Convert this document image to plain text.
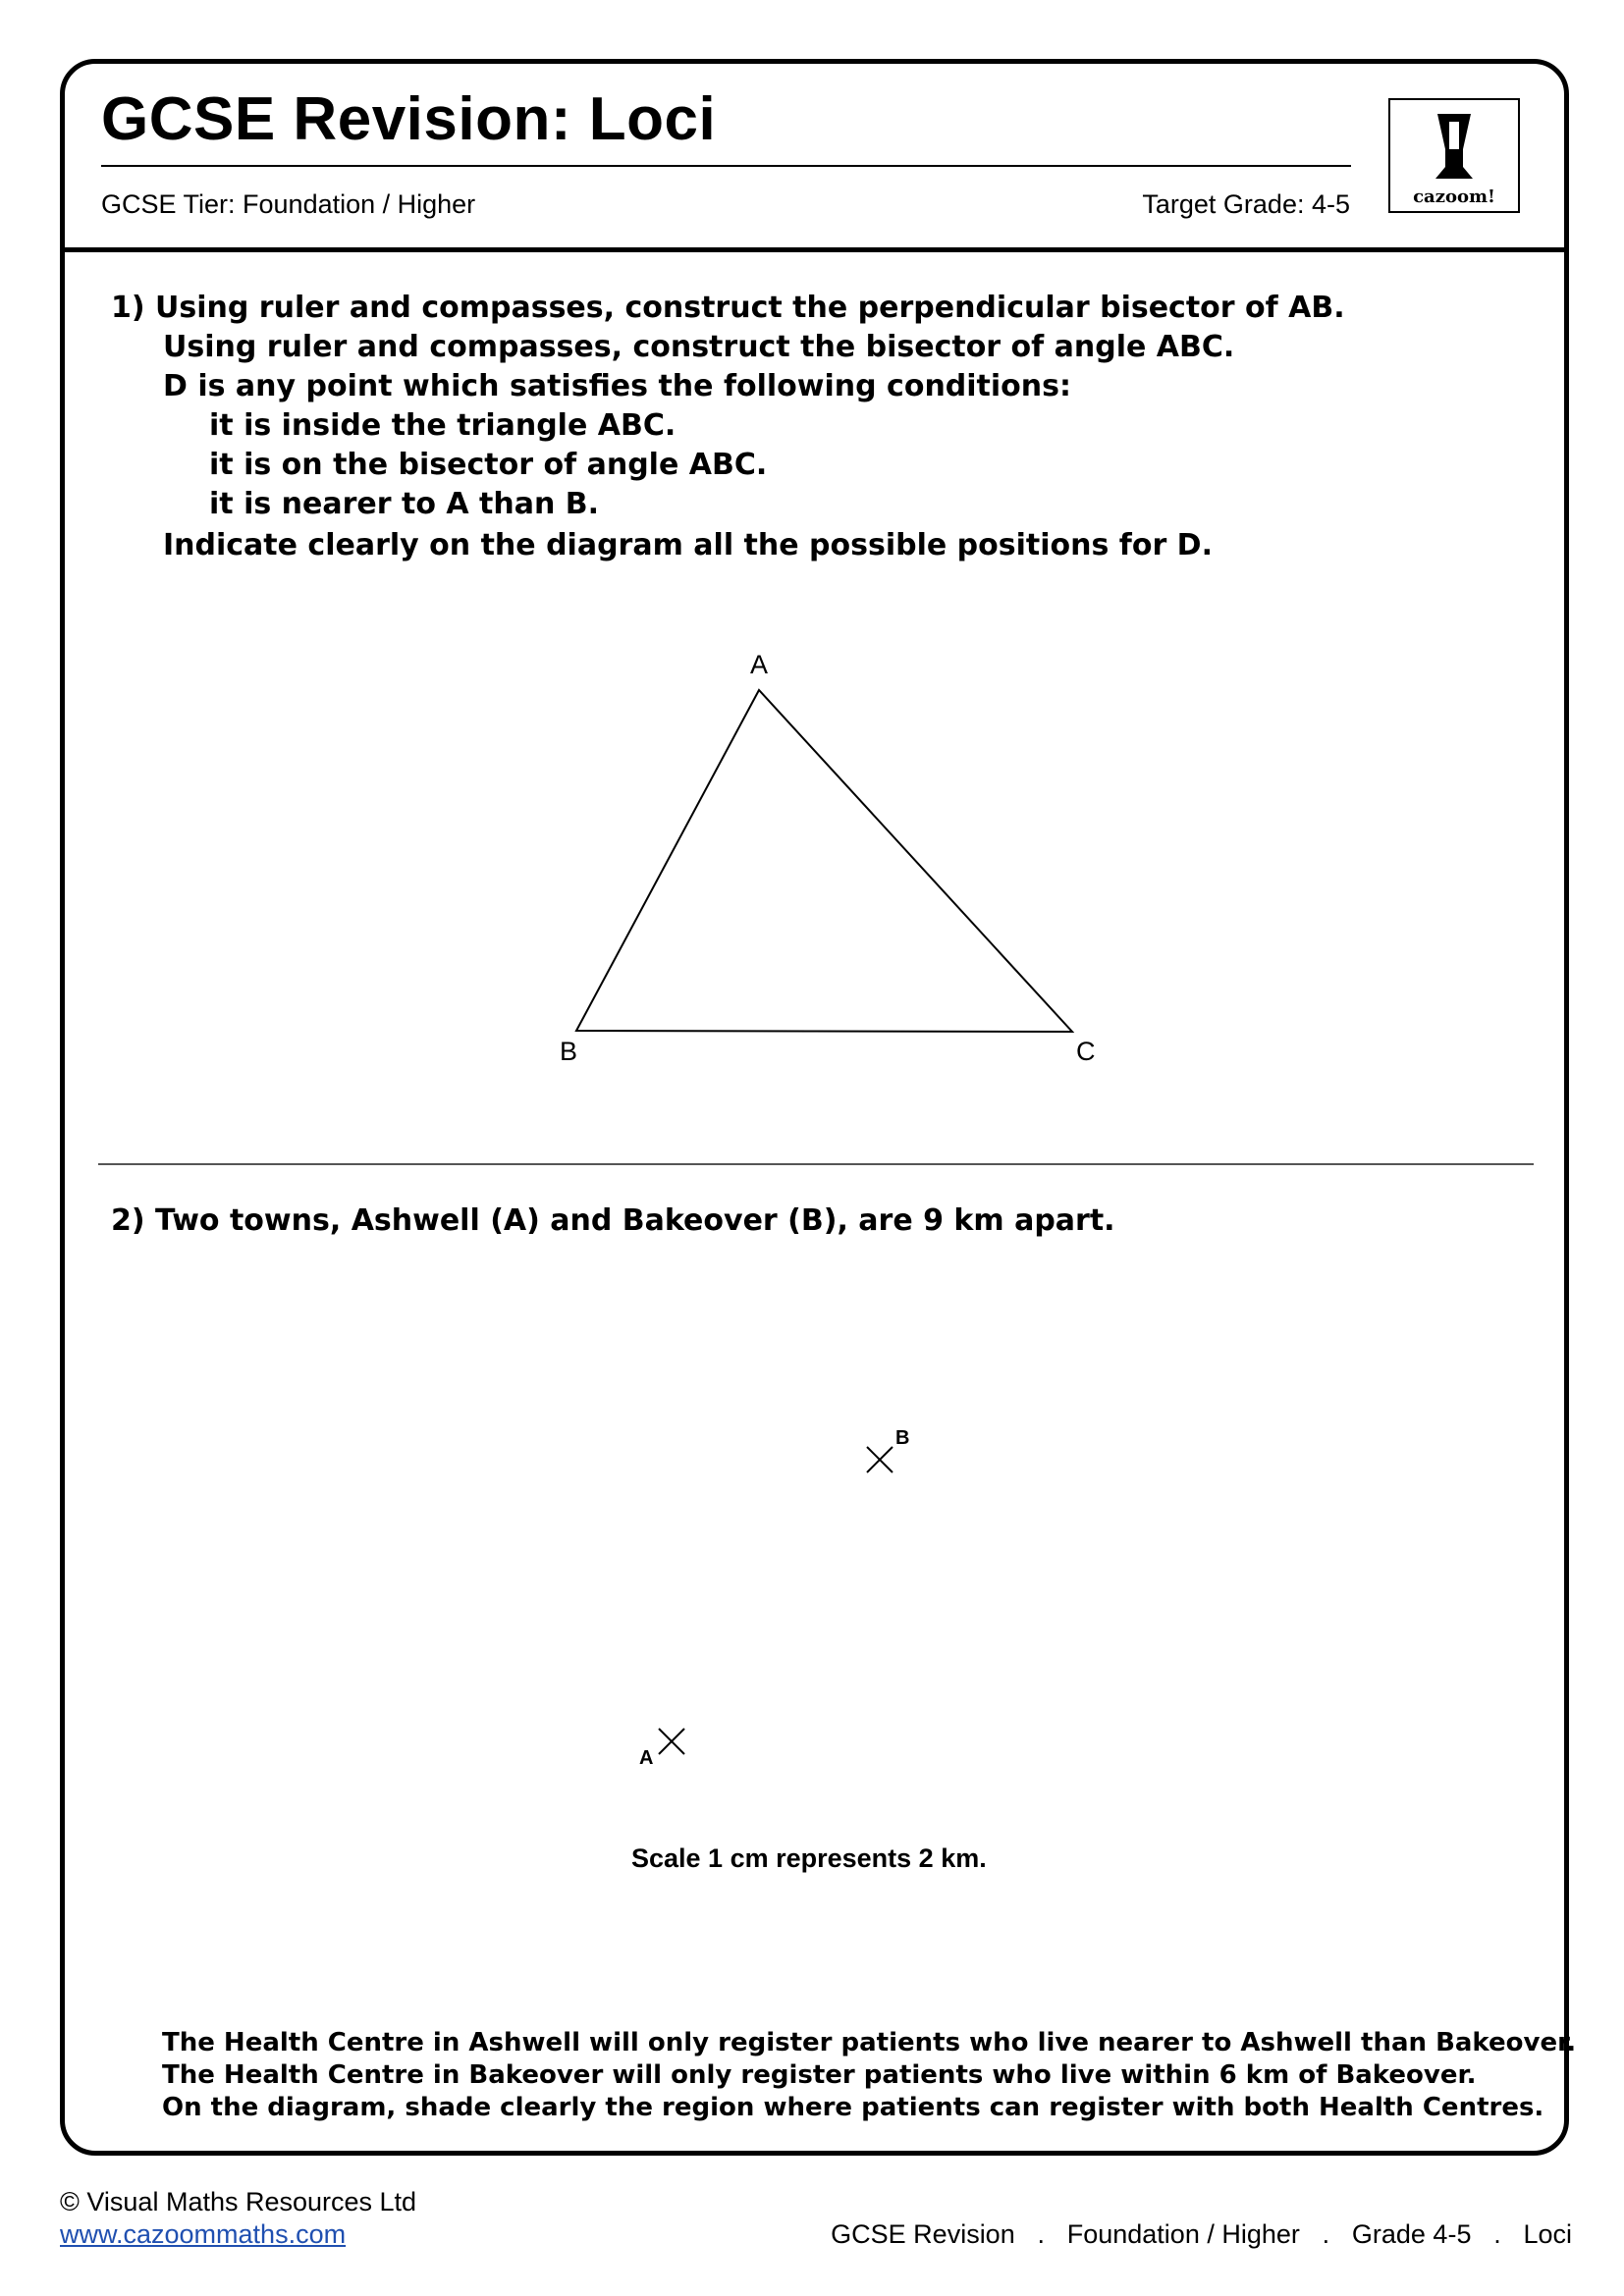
GCSE Revision: Loci
GCSE Tier: Foundation / Higher	Target Grade: 4-5	cazoom!
1) Using ruler and compasses, construct the perpendicular bisector of AB.
Using ruler and compasses, construct the bisector of angle ABC.
D is any point which satisfies the following conditions:
it is inside the triangle ABC.
it is on the bisector of angle ABC.
it is nearer to A than B.
Indicate clearly on the diagram all the possible positions for D.
A
B	C
2) Two towns, Ashwell (A) and Bakeover (B), are 9 km apart.
B
A
Scale 1 cm represents 2 km.
The Health Centre in Ashwell will only register patients who live nearer to Ashwell than Bakeover.
The Health Centre in Bakeover will only register patients who live within 6 km of Bakeover.
On the diagram, shade clearly the region where patients can register with both Health Centres.
© Visual Maths Resources Ltd
www.cazoommaths.com	GCSE Revision . Foundation / Higher . Grade 4-5 . Loci
